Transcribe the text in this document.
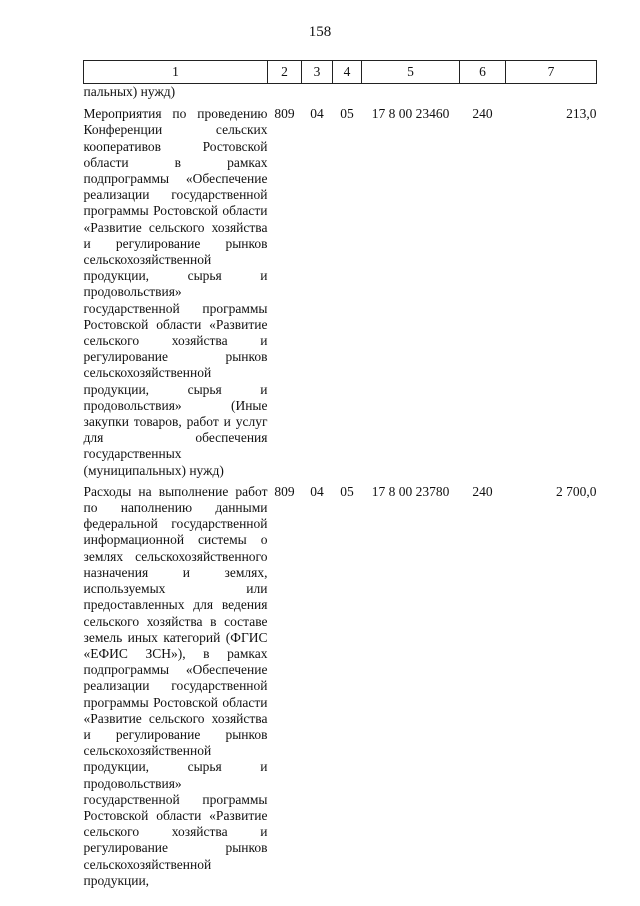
158
1	2	3	4	5	6	7
пальных) нужд)						
Мероприятия по проведению Конференции сельских кооперативов Ростовской области в рамках подпрограммы «Обеспечение реализации государственной программы Ростовской области «Развитие сельского хозяйства и регулирование рынков сельскохозяйственной продукции, сырья и продовольствия» государственной программы Ростовской области «Развитие сельского хозяйства и регулирование рынков сельскохозяйственной продукции, сырья и продовольствия» (Иные закупки товаров, работ и услуг для обеспечения государственных (муниципальных) нужд)	809	04	05	17 8 00 23460	240	213,0
Расходы на выполнение работ по наполнению данными федеральной государственной информационной системы о землях сельскохозяйственного назначения и землях, используемых или предоставленных для ведения сельского хозяйства в составе земель иных категорий (ФГИС «ЕФИС ЗСН»), в рамках подпрограммы «Обеспечение реализации государственной программы Ростовской области «Развитие сельского хозяйства и регулирование рынков сельскохозяйственной продукции, сырья и продовольствия» государственной программы Ростовской области «Развитие сельского хозяйства и регулирование рынков сельскохозяйственной продукции,	809	04	05	17 8 00 23780	240	2 700,0
